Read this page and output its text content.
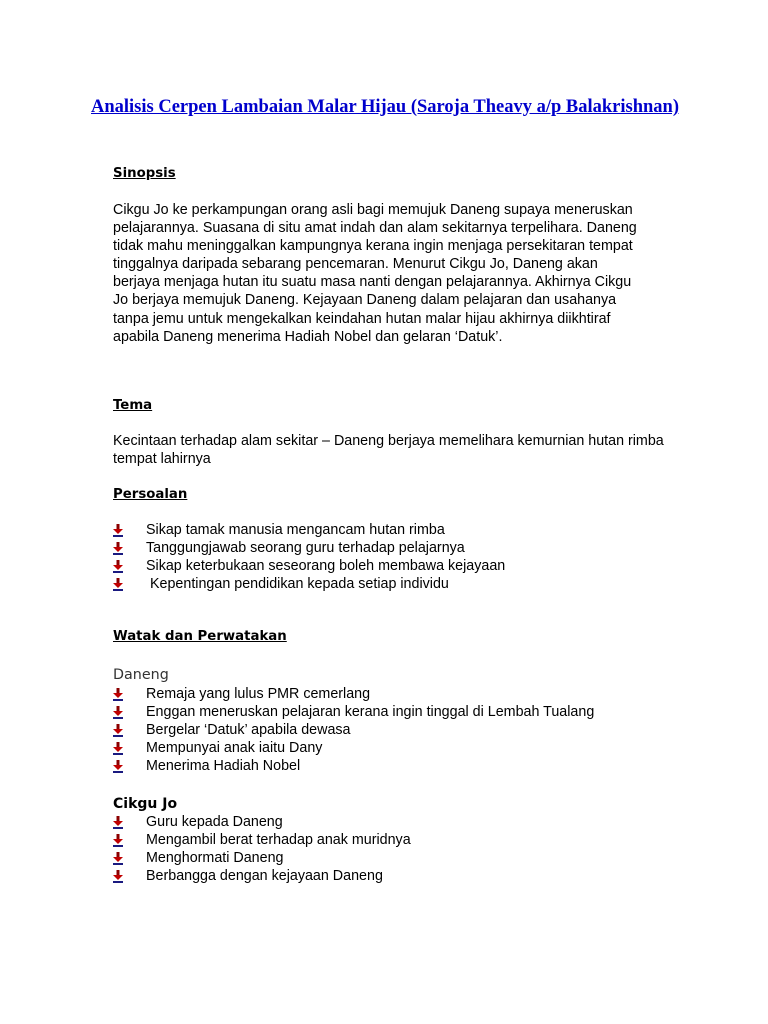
Analisis Cerpen Lambaian Malar Hijau (Saroja Theavy a/p Balakrishnan)
Sinopsis

Cikgu Jo ke perkampungan orang asli bagi memujuk Daneng supaya meneruskan pelajarannya. Suasana di situ amat indah dan alam sekitarnya terpelihara. Daneng tidak mahu meninggalkan kampungnya kerana ingin menjaga persekitaran tempat tinggalnya daripada sebarang pencemaran. Menurut Cikgu Jo, Daneng akan berjaya menjaga hutan itu suatu masa nanti dengan pelajarannya. Akhirnya Cikgu Jo berjaya memujuk Daneng. Kejayaan Daneng dalam pelajaran dan usahanya tanpa jemu untuk mengekalkan keindahan hutan malar hijau akhirnya diikhtiraf apabila Daneng menerima Hadiah Nobel dan gelaran ‘Datuk’.

Tema

Kecintaan terhadap alam sekitar – Daneng berjaya memelihara kemurnian hutan rimba tempat lahirnya

Persoalan
Sikap tamak manusia mengancam hutan rimba
Tanggungjawab seorang guru terhadap pelajarnya
Sikap keterbukaan seseorang boleh membawa kejayaan
Kepentingan pendidikan kepada setiap individu
Watak dan Perwatakan
Daneng
Remaja yang lulus PMR cemerlang
Enggan meneruskan pelajaran kerana ingin tinggal di Lembah Tualang
Bergelar ‘Datuk’ apabila dewasa
Mempunyai anak iaitu Dany
Menerima Hadiah Nobel
Cikgu Jo
Guru kepada Daneng
Mengambil berat terhadap anak muridnya
Menghormati Daneng
Berbangga dengan kejayaan Daneng
